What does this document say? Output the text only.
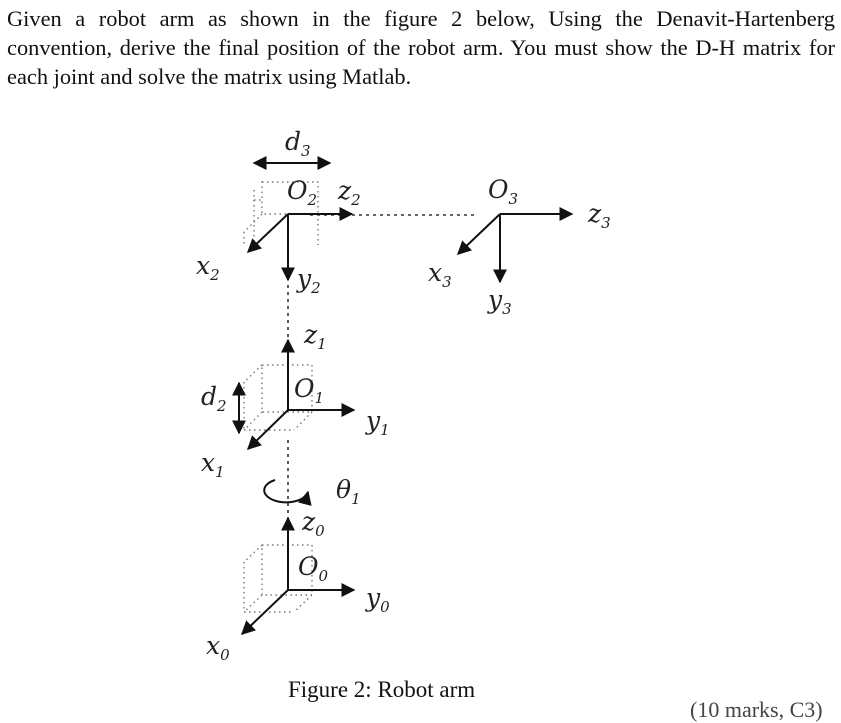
Given a robot arm as shown in the figure 2 below, Using the Denavit-Hartenberg convention, derive the final position of the robot arm. You must show the D-H matrix for each joint and solve the matrix using Matlab.

$d_3$
$O_2$ $z_2$	$O_3$	$z_3$
$x_2$	$y_2$
$x_3$
$y_3$
$z_1$
$d_2$
$O_1$
$y_1$
$x_1$
$\theta_1$
$z_0$
$O_0$
$y_0$
$x_0$
Figure 2: Robot arm
(10 marks, C3)
